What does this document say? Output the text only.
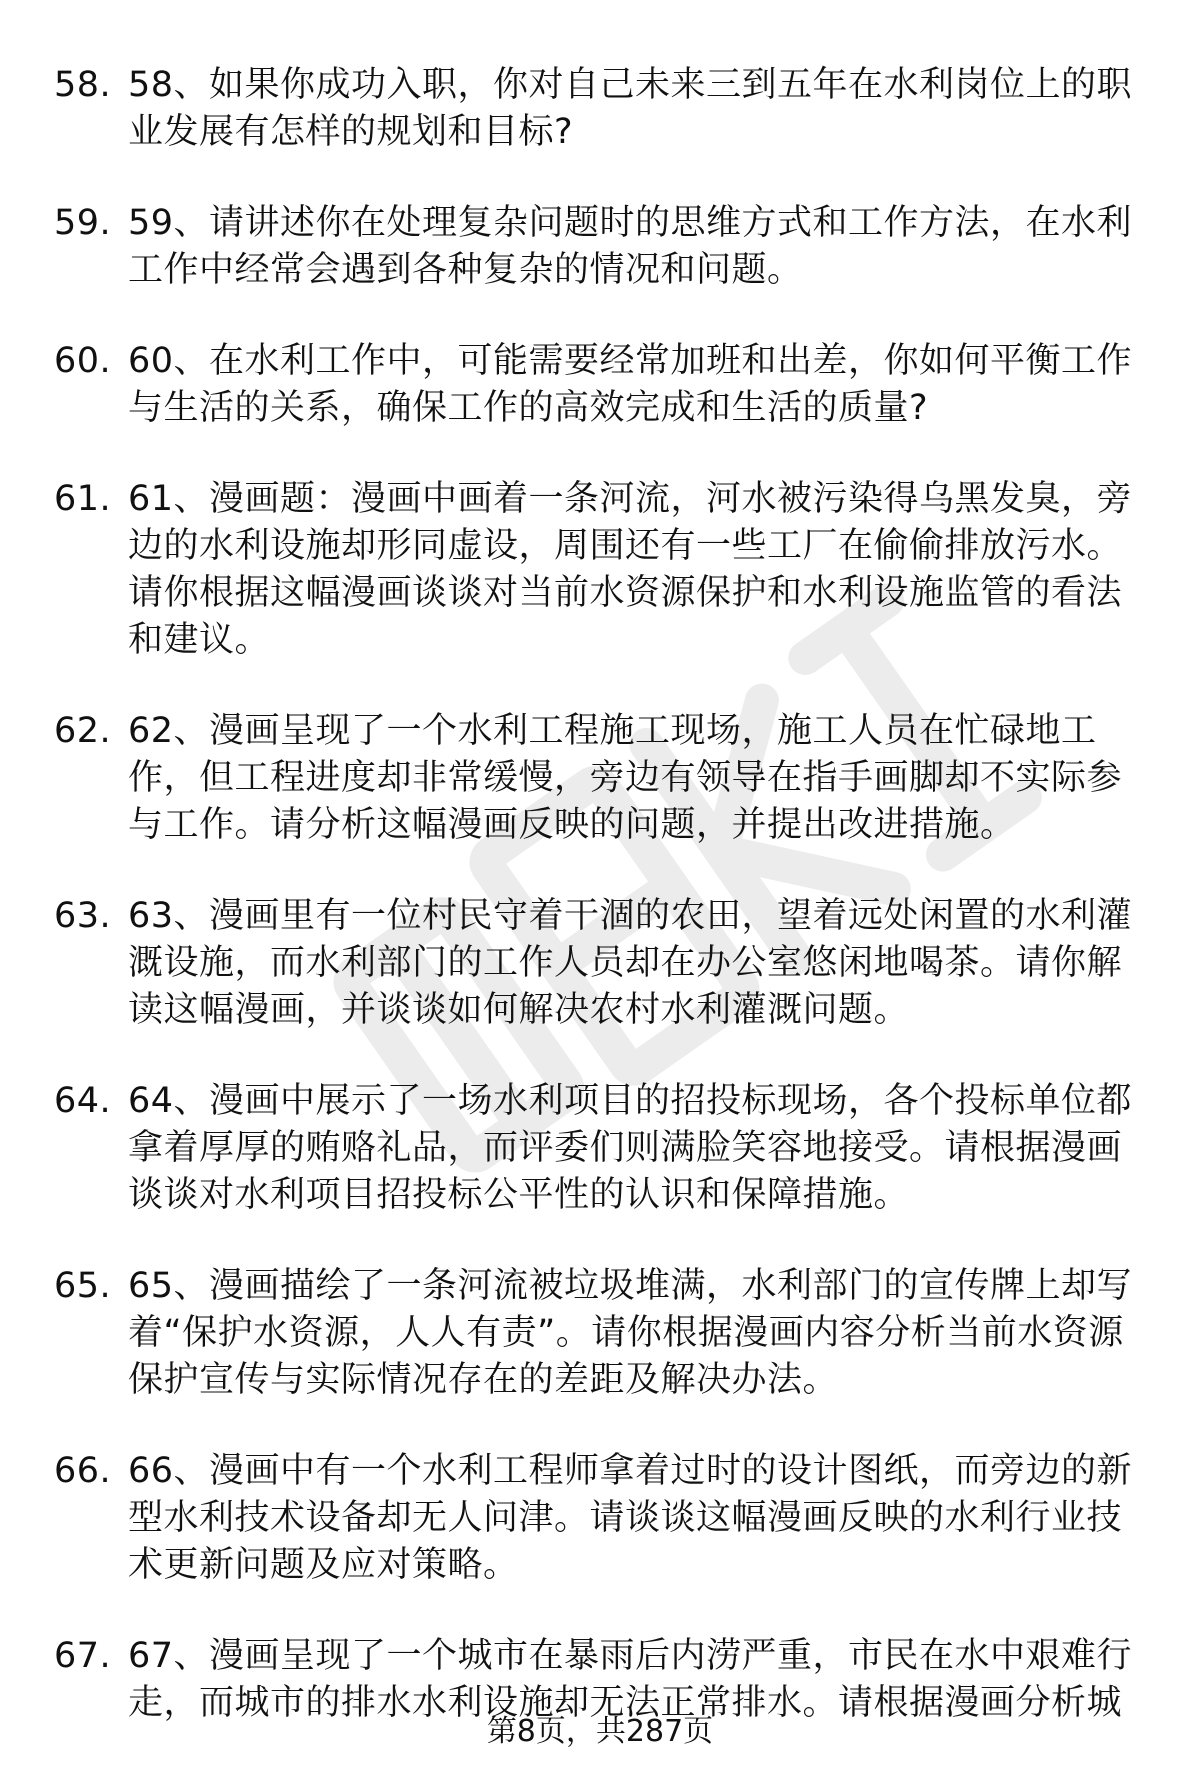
58. 58、如果你成功入职，你对自己未来三到五年在水利岗位上的职业发展有怎样的规划和目标?
59. 59、请讲述你在处理复杂问题时的思维方式和工作方法，在水利工作中经常会遇到各种复杂的情况和问题。
60. 60、在水利工作中，可能需要经常加班和出差，你如何平衡工作与生活的关系，确保工作的高效完成和生活的质量?
61. 61、漫画题：漫画中画着一条河流，河水被污染得乌黑发臭，旁边的水利设施却形同虚设，周围还有一些工厂在偷偷排放污水。请你根据这幅漫画谈谈对当前水资源保护和水利设施监管的看法和建议。
62. 62、漫画呈现了一个水利工程施工现场，施工人员在忙碌地工作，但工程进度却非常缓慢，旁边有领导在指手画脚却不实际参与工作。请分析这幅漫画反映的问题，并提出改进措施。
63. 63、漫画里有一位村民守着干涸的农田，望着远处闲置的水利灌溉设施，而水利部门的工作人员却在办公室悠闲地喝茶。请你解读这幅漫画，并谈谈如何解决农村水利灌溉问题。
64. 64、漫画中展示了一场水利项目的招投标现场，各个投标单位都拿着厚厚的贿赂礼品，而评委们则满脸笑容地接受。请根据漫画谈谈对水利项目招投标公平性的认识和保障措施。
65. 65、漫画描绘了一条河流被垃圾堆满，水利部门的宣传牌上却写着“保护水资源，人人有责”。请你根据漫画内容分析当前水资源保护宣传与实际情况存在的差距及解决办法。
66. 66、漫画中有一个水利工程师拿着过时的设计图纸，而旁边的新型水利技术设备却无人问津。请谈谈这幅漫画反映的水利行业技术更新问题及应对策略。
67. 67、漫画呈现了一个城市在暴雨后内涝严重，市民在水中艰难行走，而城市的排水水利设施却无法正常排水。请根据漫画分析城
第8页，共287页
